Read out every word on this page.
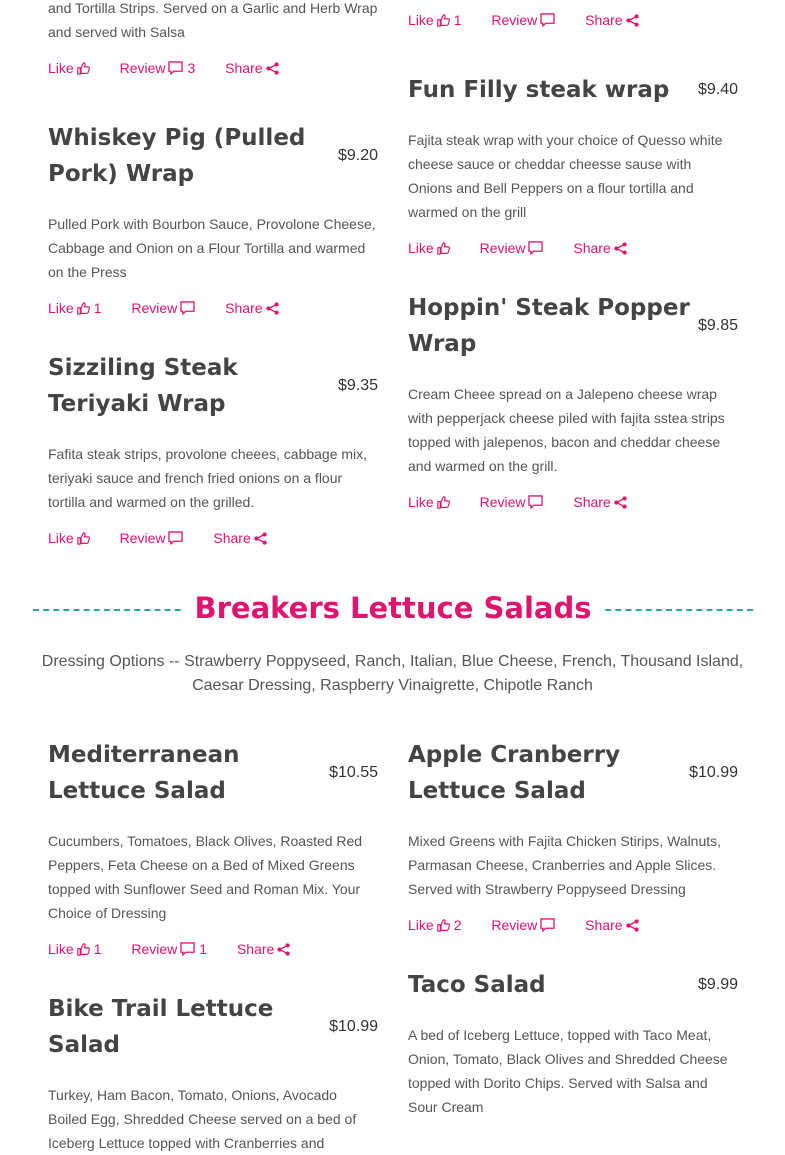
and Tortilla Strips. Served on a Garlic and Herb Wrap and served with Salsa
Like	Review 3 Share
Like 1 Review	Share
Whiskey Pig (Pulled Pork) Wrap
$9.20

Pulled Pork with Bourbon Sauce, Provolone Cheese, Cabbage and Onion on a Flour Tortilla and warmed on the Press

Like 1 Review	Share
Sizziling Steak Teriyaki Wrap
$9.35

Fafita steak strips, provolone cheees, cabbage mix, teriyaki sauce and french fried onions on a flour tortilla and warmed on the grilled.

Like	Review	Share
Fun Filly steak wrap	$9.40

Fajita steak wrap with your choice of Quesso white cheese sauce or cheddar cheesse sause with Onions and Bell Peppers on a flour tortilla and warmed on the grill

Like	Review	Share
Hoppin' Steak Popper Wrap
$9.85

Cream Cheee spread on a Jalepeno cheese wrap with pepperjack cheese piled with fajita sstea strips topped with jalepenos, bacon and cheddar cheese and warmed on the grill.

Like	Review	Share
Breakers Lettuce Salads
Dressing Options -- Strawberry Poppyseed, Ranch, Italian, Blue Cheese, French, Thousand Island, Caesar Dressing, Raspberry Vinaigrette, Chipotle Ranch
Mediterranean Lettuce Salad
$10.55

Cucumbers, Tomatoes, Black Olives, Roasted Red Peppers, Feta Cheese on a Bed of Mixed Greens topped with Sunflower Seed and Roman Mix. Your Choice of Dressing

Like 1 Review 1 Share
Bike Trail Lettuce Salad
$10.99

Turkey, Ham Bacon, Tomato, Onions, Avocado Boiled Egg, Shredded Cheese served on a bed of Iceberg Lettuce topped with Cranberries and

Apple Cranberry Lettuce Salad
$10.99

Mixed Greens with Fajita Chicken Stirips, Walnuts, Parmasan Cheese, Cranberries and Apple Slices. Served with Strawberry Poppyseed Dressing

Like 2 Review	Share
Taco Salad	$9.99

A bed of Iceberg Lettuce, topped with Taco Meat, Onion, Tomato, Black Olives and Shredded Cheese topped with Dorito Chips. Served with Salsa and Sour Cream
